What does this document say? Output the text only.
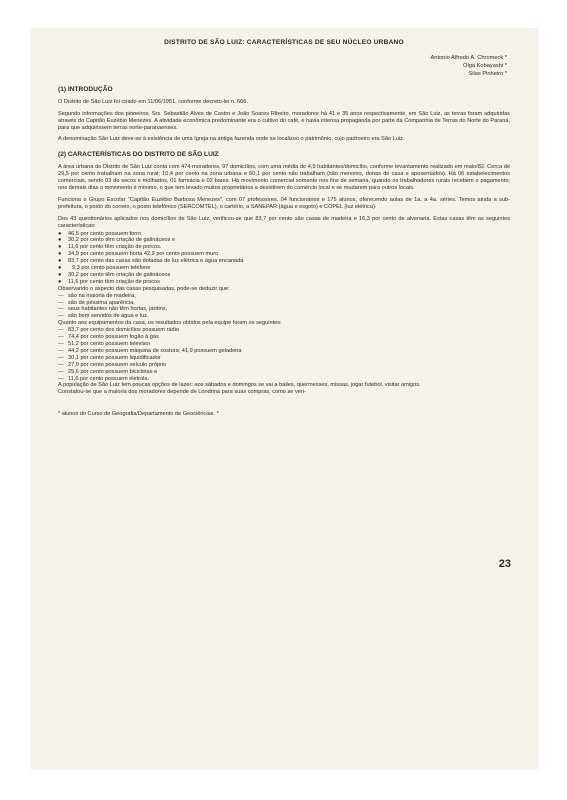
· · ·
DISTRITO DE SÃO LUIZ: CARACTERÍSTICAS DE SEU NÚCLEO URBANO
Antonio Alfredo A. Chromeck *
Olga Kobayashi *
Silas Pinheiro *
(1) INTRODUÇÃO

O Distrito de São Luiz foi criado em 11/06/1951, conforme decreto-lei n. 666.

Segundo informações dos pioneiros, Srs. Sebastião Alves de Castro e João Soares Ribeiro, moradores há 41 e 35 anos respectivamente, em São Luiz, as terras foram adquiridas através do Capitão Euzébio Menezes. A atividade econômica predominante era o cultivo do café, e havia intensa propaganda por parte da Companhia de Terras do Norte do Paraná, para que adquirissem terras norte-paranaenses.

A denominação São Luiz deve-se à existência de uma Igreja na antiga fazenda onde se localizou o patrimônio, cujo padroeiro era São Luiz.

(2) CARACTERÍSTICAS DO DISTRITO DE SÃO LUIZ

A área urbana do Distrito de São Luiz conta com 474 moradores, 97 domicílios, com uma média de 4,9 habitantes/domicílio, conforme levantamento realizado em maio/82. Cerca de 29,5 por cento trabalham na zona rural; 10,4 por cento na zona urbana e 60,1 por cento não trabalham (são menores, donas de casa e aposentados). Há 06 estabelecimentos comerciais, sendo 03 de secos e molhados, 01 farmácia e 02 bares. Há movimento comercial somente nos fins de semana, quando os trabalhadores rurais recebem o pagamento; nos demais dias o movimento é mínimo, o que tem levado muitos proprietários a desistirem do comércio local e se mudarem para outros locais.

Funciona o Grupo Escolar "Capitão Euzébio Barbosa Menezes", com 07 professores, 04 funcionários e 175 alunos, oferecendo aulas de 1a. a 4a. séries. Temos ainda a sub-prefeitura, o posto do correio, o posto telefônico (SERCOMTEL), o cartório, a SANEPAR (água e esgoto) e COPEL (luz elétrica).

Dos 43 questionários aplicados nos domicílios de São Luiz, verificou-se que 83,7 por cento são casas de madeira e 16,3 por cento de alvenaria. Estas casas têm as seguintes características:

●	46,5 por cento possuem forro
●	30,2 por cento têm criação de galináceos e
●	11,6 por cento têm criação de porcos.
●	34,9 por cento possuem horta 42,9 por cento possuem muro
●	83,7 por cento das casas são dotadas de luz elétrica e água encanada
●	9,3 por cento possuem telefone
●	30,2 por cento têm criação de galináceos
●	11,6 por cento têm criação de procos
Observando o aspecto das casas pesquisadas, pode-se deduzir que:
— são na maioria de madeira,
— são de péssima aparência,
— seus habitantes não têm hortas, jardins,
— são bem servidos de água e luz.
Quanto aos equipamentos da casa, os resultados obtidos pela equipe foram os seguintes:
— 83,7 por cento dos domicílios possuem rádio
— 74,4 por cento possuem fogão à gás
— 51,2 por cento possuem televisor
— 44,2 por cento possuem máquina de costura; 41,9 possuem geladeira
— 30,1 por cento possuem liquidificador
— 27,9 por cento possuem veículo próprio
— 25,6 por cento possuem bicicletas e
— 11,6 por cento possuem eletrola.

A população de São Luiz tem poucas opções de lazer: aos sábados e domingos se vai a bailes, quermesses, missas, jogar futebol, visitar amigos.

Constatou-se que a maioria dos moradores depende de Londrina para suas compras, como se veri-

* alunos do Curso de Geografia/Departamento de Geociências. *
23
